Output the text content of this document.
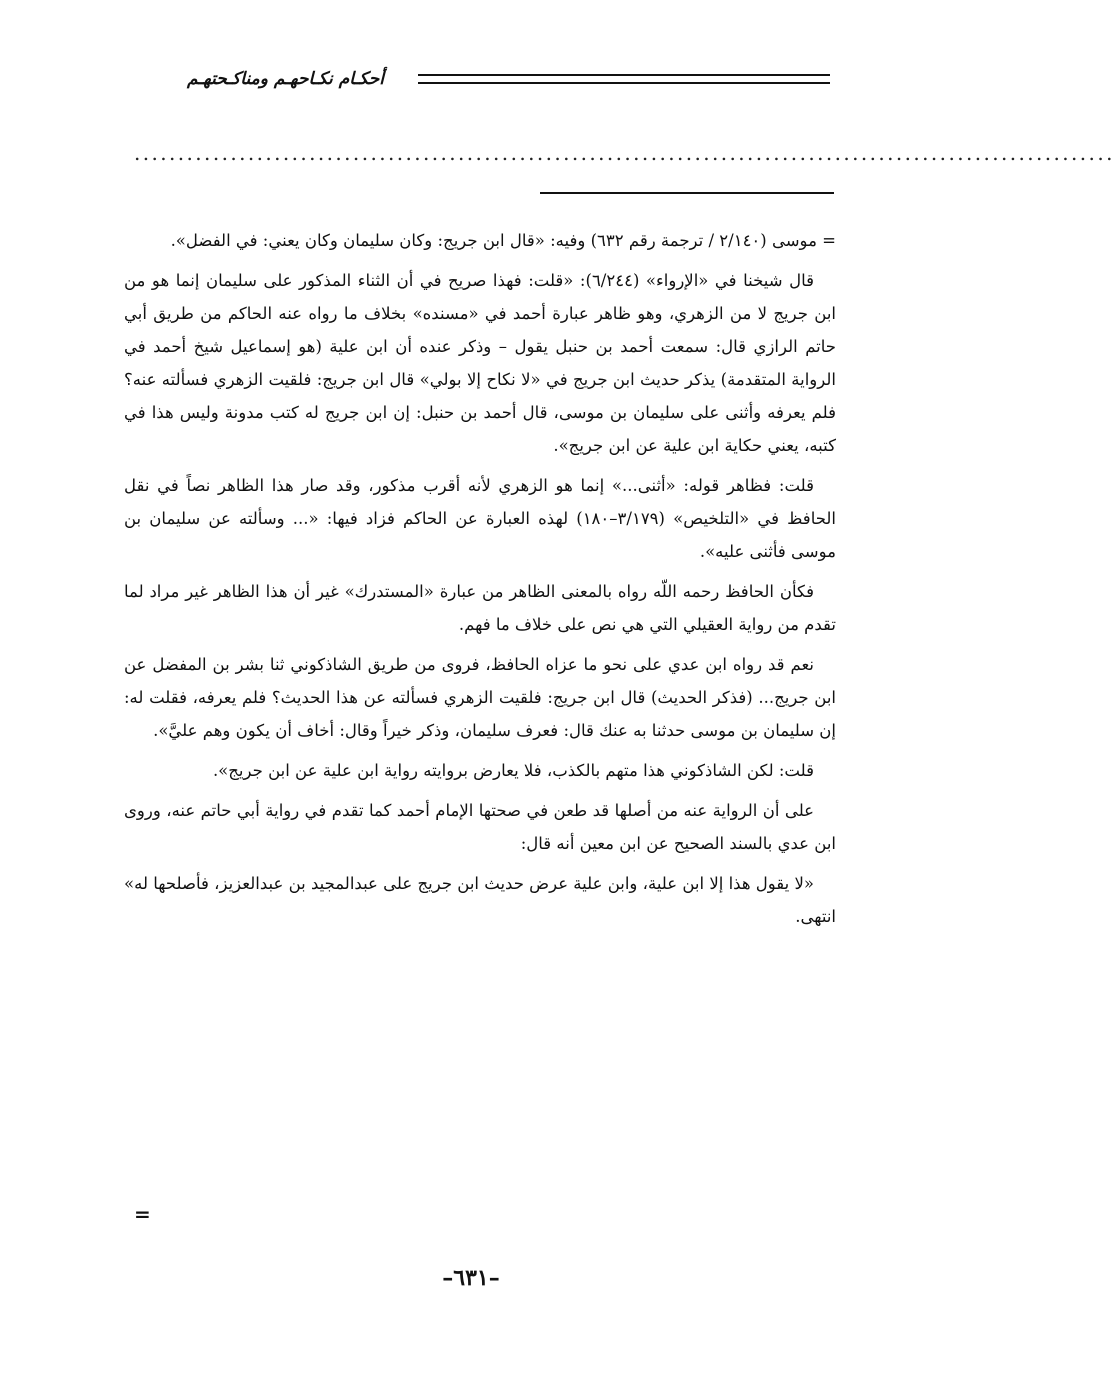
أحكـام نكـاحهـم ومناكـحتهـم
................................................................................................................

= موسى (٢/١٤٠ / ترجمة رقم ٦٣٢) وفيه: «قال ابن جريج: وكان سليمان وكان يعني: في الفضل».

قال شيخنا في «الإرواء» (٦/٢٤٤): «قلت: فهذا صريح في أن الثناء المذكور على سليمان إنما هو من ابن جريج لا من الزهري، وهو ظاهر عبارة أحمد في «مسنده» بخلاف ما رواه عنه الحاكم من طريق أبي حاتم الرازي قال: سمعت أحمد بن حنبل يقول – وذكر عنده أن ابن علية (هو إسماعيل شيخ أحمد في الرواية المتقدمة) يذكر حديث ابن جريج في «لا نكاح إلا بولي» قال ابن جريج: فلقيت الزهري فسألته عنه؟ فلم يعرفه وأثنى على سليمان بن موسى، قال أحمد بن حنبل: إن ابن جريج له كتب مدونة وليس هذا في كتبه، يعني حكاية ابن علية عن ابن جريج».

قلت: فظاهر قوله: «أثنى...» إنما هو الزهري لأنه أقرب مذكور، وقد صار هذا الظاهر نصاً في نقل الحافظ في «التلخيص» (٣/١٧٩–١٨٠) لهذه العبارة عن الحاكم فزاد فيها: «... وسألته عن سليمان بن موسى فأثنى عليه».

فكأن الحافظ رحمه اللّه رواه بالمعنى الظاهر من عبارة «المستدرك» غير أن هذا الظاهر غير مراد لما تقدم من رواية العقيلي التي هي نص على خلاف ما فهم.

نعم قد رواه ابن عدي على نحو ما عزاه الحافظ، فروى من طريق الشاذكوني ثنا بشر بن المفضل عن ابن جريج... (فذكر الحديث) قال ابن جريج: فلقيت الزهري فسألته عن هذا الحديث؟ فلم يعرفه، فقلت له: إن سليمان بن موسى حدثنا به عنك قال: فعرف سليمان، وذكر خيراً وقال: أخاف أن يكون وهم عليَّ».

قلت: لكن الشاذكوني هذا متهم بالكذب، فلا يعارض بروايته رواية ابن علية عن ابن جريج».

على أن الرواية عنه من أصلها قد طعن في صحتها الإمام أحمد كما تقدم في رواية أبي حاتم عنه، وروى ابن عدي بالسند الصحيح عن ابن معين أنه قال:

«لا يقول هذا إلا ابن علية، وابن علية عرض حديث ابن جريج على عبدالمجيد بن عبدالعزيز، فأصلحها له» انتهى.

=
–٦٣١–
